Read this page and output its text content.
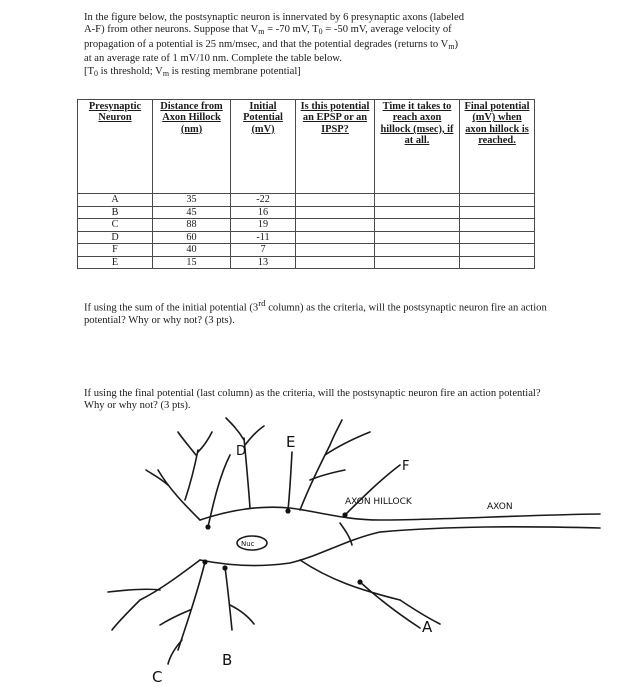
In the figure below, the postsynaptic neuron is innervated by 6 presynaptic axons (labeled

A-F) from other neurons. Suppose that $V_m = -70$ mV, $T_0 = -50$ mV, average velocity of

propagation of a potential is 25 nm/msec, and that the potential degrades (returns to $V_m$)

at an average rate of 1 mV/10 nm. Complete the table below.

[$T_0$ is threshold; $V_m$ is resting membrane potential]

Presynaptic Neuron	Distance from Axon Hillock (nm)	Initial Potential (mV)	Is this potential an EPSP or an IPSP?	Time it takes to reach axon hillock (msec), if at all.	Final potential (mV) when axon hillock is reached.
A	35	-22			
B	45	16			
C	88	19			
D	60	-11			
F	40	7			
E	15	13			

If using the sum of the initial potential (3rd column) as the criteria, will the postsynaptic neuron fire an action potential? Why or why not? (3 pts).

If using the final potential (last column) as the criteria, will the postsynaptic neuron fire an action potential? Why or why not? (3 pts).

D
E
F
A
B
C
Nuc
AXON HILLOCK	AXON
